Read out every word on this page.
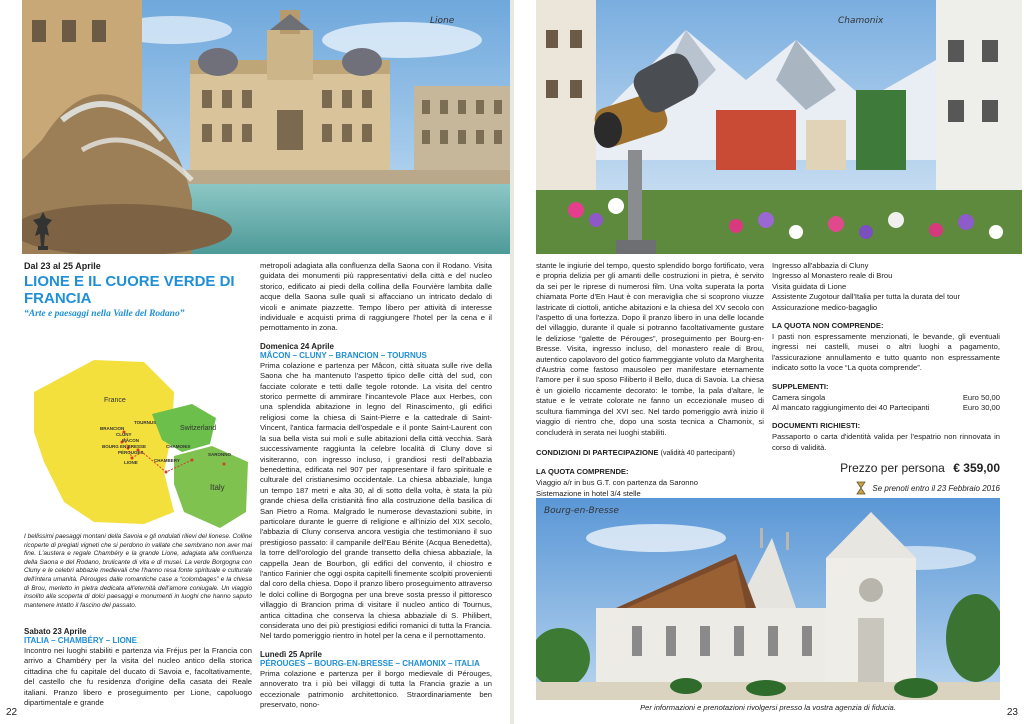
Lione
Dal 23 al 25 Aprile
LIONE E IL CUORE VERDE DI FRANCIA
“Arte e paesaggi nella Valle del Rodano”
France
Switzerland
Italy
TOURNUS
BRANCION
CLUNY
MÂCON
BOURG EN BRESSE
PÉROUGES
LIONE
CHAMONIX
CHAMBERY
SARONNO

I bellissimi paesaggi montani della Savoia e gli ondulati rilievi del lionese. Colline ricoperte di pregiati vigneti che si perdono in vallate che sembrano non aver mai fine. L'austera e regale Chambéry e la grande Lione, adagiata alla confluenza della Saona e del Rodano, brulicante di vita e di musei. La verde Borgogna con Cluny e le celebri abbazie medievali che l'hanno resa fonte spirituale e culturale dell'intera umanità. Pérouges dalle romantiche case a “colombages” e la chiesa di Brou, merletto in pietra dedicata all'eternità dell'amore coniugale. Un viaggio insolito alla scoperta di dolci paesaggi e monumenti in luoghi che hanno saputo mantenere intatto il fascino del passato.

Sabato 23 Aprile
ITALIA – CHAMBÉRY – LIONE

Incontro nei luoghi stabiliti e partenza via Fréjus per la Francia con arrivo a Chambéry per la visita del nucleo antico della storica cittadina che fu capitale del ducato di Savoia e, facoltativamente, del castello che fu residenza d'origine della casata dei Reale italiani. Pranzo libero e proseguimento per Lione, capoluogo dipartimentale e grande

metropoli adagiata alla confluenza della Saona con il Rodano. Visita guidata dei monumenti più rappresentativi della città e del nucleo storico, edificato ai piedi della collina della Fourvière lambita dalle acque della Saona sulle quali si affacciano un intricato dedalo di vicoli e animate piazzette. Tempo libero per attività di interesse individuale e acquisti prima di raggiungere l'hotel per la cena e il pernottamento in zona.

Domenica 24 Aprile
MÂCON – CLUNY – BRANCION – TOURNUS

Prima colazione e partenza per Mâcon, città situata sulle rive della Saona che ha mantenuto l'aspetto tipico delle città del sud, con facciate colorate e tetti dalle tegole rotonde. La visita del centro storico permette di ammirare l'incantevole Place aux Herbes, con una splendida abitazione in legno del Rinascimento, gli edifici religiosi come la chiesa di Saint-Pierre e la cattedrale di Saint-Vincent, l'antica farmacia dell'ospedale e il ponte Saint-Laurent con la sua bella vista sui moli e sulle abitazioni della città vecchia. Sarà successivamente raggiunta la celebre località di Cluny dove si visiteranno, con ingresso incluso, i grandiosi resti dell'abbazia benedettina, edificata nel 907 per rappresentare il faro spirituale e culturale del cristianesimo occidentale. La chiesa abbaziale, lunga un tempo 187 metri e alta 30, al di sotto della volta, è stata la più grande chiesa della cristianità fino alla costruzione della basilica di San Pietro a Roma. Malgrado le numerose devastazioni subite, in particolare durante le guerre di religione e all'inizio del XIX secolo, l'abbazia di Cluny conserva ancora vestigia che testimoniano il suo prestigioso passato: il campanile dell'Eau Bénite (Acqua Benedetta), la torre dell'orologio del grande transetto della chiesa abbaziale, la cappella Jean de Bourbon, gli edifici del convento, il chiostro e l'antico Farinier che oggi ospita capitelli finemente scolpiti provenienti dal coro della chiesa. Dopo il pranzo libero proseguimento attraverso le dolci colline di Borgogna per una breve sosta presso il pittoresco villaggio di Brancion prima di visitare il nucleo antico di Tournus, antica cittadina che conserva la chiesa abbaziale di S. Philibert, considerata uno dei più prestigiosi edifici romanici di tutta la Francia. Nel tardo pomeriggio rientro in hotel per la cena e il pernottamento.

Lunedì 25 Aprile
PÉROUGES – BOURG-EN-BRESSE – CHAMONIX – ITALIA

Prima colazione e partenza per il borgo medievale di Pérouges, annoverato tra i più bei villaggi di tutta la Francia grazie a un eccezionale patrimonio architettonico. Straordinariamente ben preservato, nono-

22
Chamonix

stante le ingiurie del tempo, questo splendido borgo fortificato, vera e propria delizia per gli amanti delle costruzioni in pietra, è servito da sei per le riprese di numerosi film. Una volta superata la porta chiamata Porte d'En Haut è con meraviglia che si scoprono viuzze lastricate di ciottoli, antiche abitazioni e la chiesa del XV secolo con l'aspetto di una fortezza. Dopo il pranzo libero in una delle locande del villaggio, durante il quale si potranno facoltativamente gustare le deliziose “galette de Pérouges”, proseguimento per Bourg-en-Bresse. Visita, ingresso incluso, del monastero reale di Brou, autentico capolavoro del gotico fiammeggiante voluto da Margherita d'Austria come fastoso mausoleo per manifestare eternamente l'amore per il suo sposo Filiberto il Bello, duca di Savoia. La chiesa è un gioiello riccamente decorato: le tombe, la pala d'altare, le statue e le vetrate colorate ne fanno un eccezionale museo di scultura fiamminga del XVI sec. Nel tardo pomeriggio avrà inizio il viaggio di rientro che, dopo una sosta tecnica a Chamonix, si concluderà in serata nei luoghi stabiliti.

CONDIZIONI DI PARTECIPAZIONE (validità 40 partecipanti)
LA QUOTA COMPRENDE:
Viaggio a/r in bus G.T. con partenza da Saronno
Sistemazione in hotel 3/4 stelle
Ingresso all'abbazia di Cluny
Ingresso al Monastero reale di Brou
Visita guidata di Lione
Assistente Zugotour dall'Italia per tutta la durata del tour
Assicurazione medico-bagaglio
LA QUOTA NON COMPRENDE:

I pasti non espressamente menzionati, le bevande, gli eventuali ingressi nei castelli, musei o altri luoghi a pagamento, l'assicurazione annullamento e tutto quanto non espressamente indicato sotto la voce “La quota comprende”.

SUPPLEMENTI:
Camera singola	Euro 50,00
Al mancato raggiungimento dei 40 Partecipanti	Euro 30,00
DOCUMENTI RICHIESTI:

Passaporto o carta d'identità valida per l'espatrio non rinnovata in corso di validità.

Prezzo per persona € 359,00
Se prenoti entro il 23 Febbraio 2016
Bourg-en-Bresse
Per informazioni e prenotazioni rivolgersi presso la vostra agenzia di fiducia.	23
